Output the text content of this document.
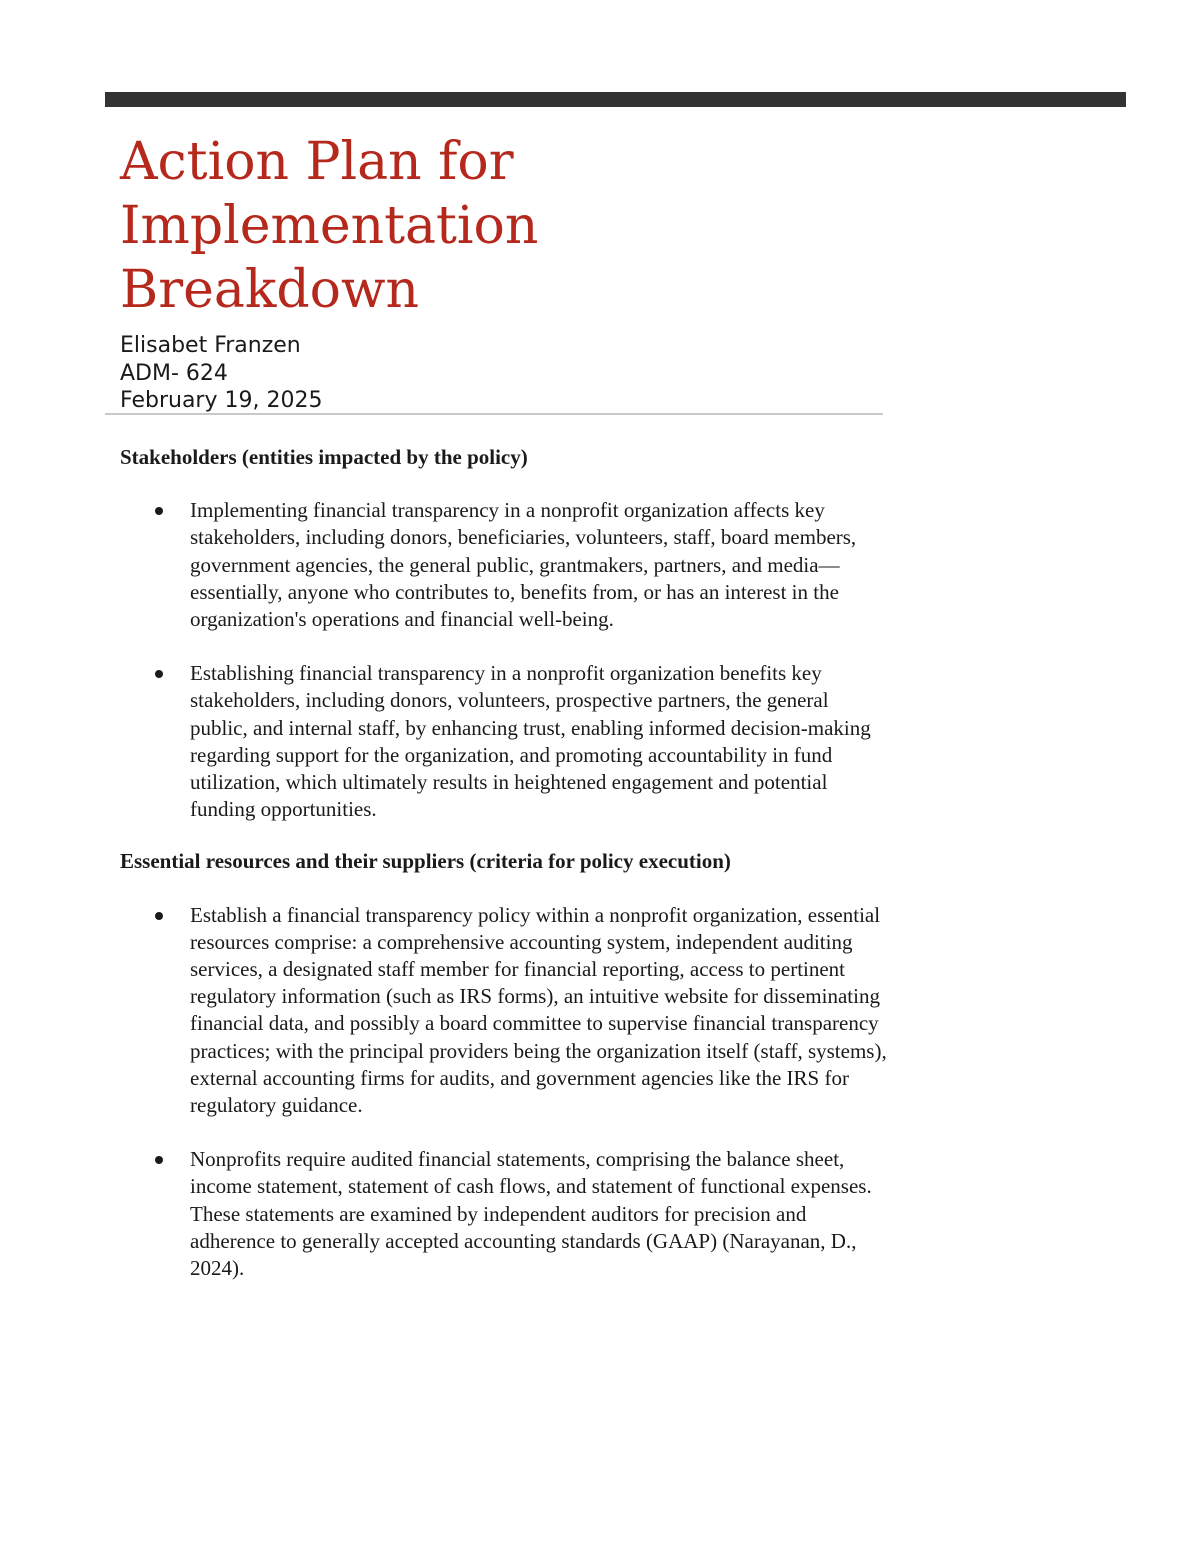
Action Plan for
Implementation
Breakdown
Elisabet Franzen
ADM- 624
February 19, 2025
Stakeholders (entities impacted by the policy)
Implementing financial transparency in a nonprofit organization affects key stakeholders, including donors, beneficiaries, volunteers, staff, board members, government agencies, the general public, grantmakers, partners, and media—essentially, anyone who contributes to, benefits from, or has an interest in the organization's operations and financial well-being.
Establishing financial transparency in a nonprofit organization benefits key stakeholders, including donors, volunteers, prospective partners, the general public, and internal staff, by enhancing trust, enabling informed decision-making regarding support for the organization, and promoting accountability in fund utilization, which ultimately results in heightened engagement and potential funding opportunities.
Essential resources and their suppliers (criteria for policy execution)
Establish a financial transparency policy within a nonprofit organization, essential resources comprise: a comprehensive accounting system, independent auditing services, a designated staff member for financial reporting, access to pertinent regulatory information (such as IRS forms), an intuitive website for disseminating financial data, and possibly a board committee to supervise financial transparency practices; with the principal providers being the organization itself (staff, systems), external accounting firms for audits, and government agencies like the IRS for regulatory guidance.
Nonprofits require audited financial statements, comprising the balance sheet, income statement, statement of cash flows, and statement of functional expenses. These statements are examined by independent auditors for precision and adherence to generally accepted accounting standards (GAAP) (Narayanan, D., 2024).
